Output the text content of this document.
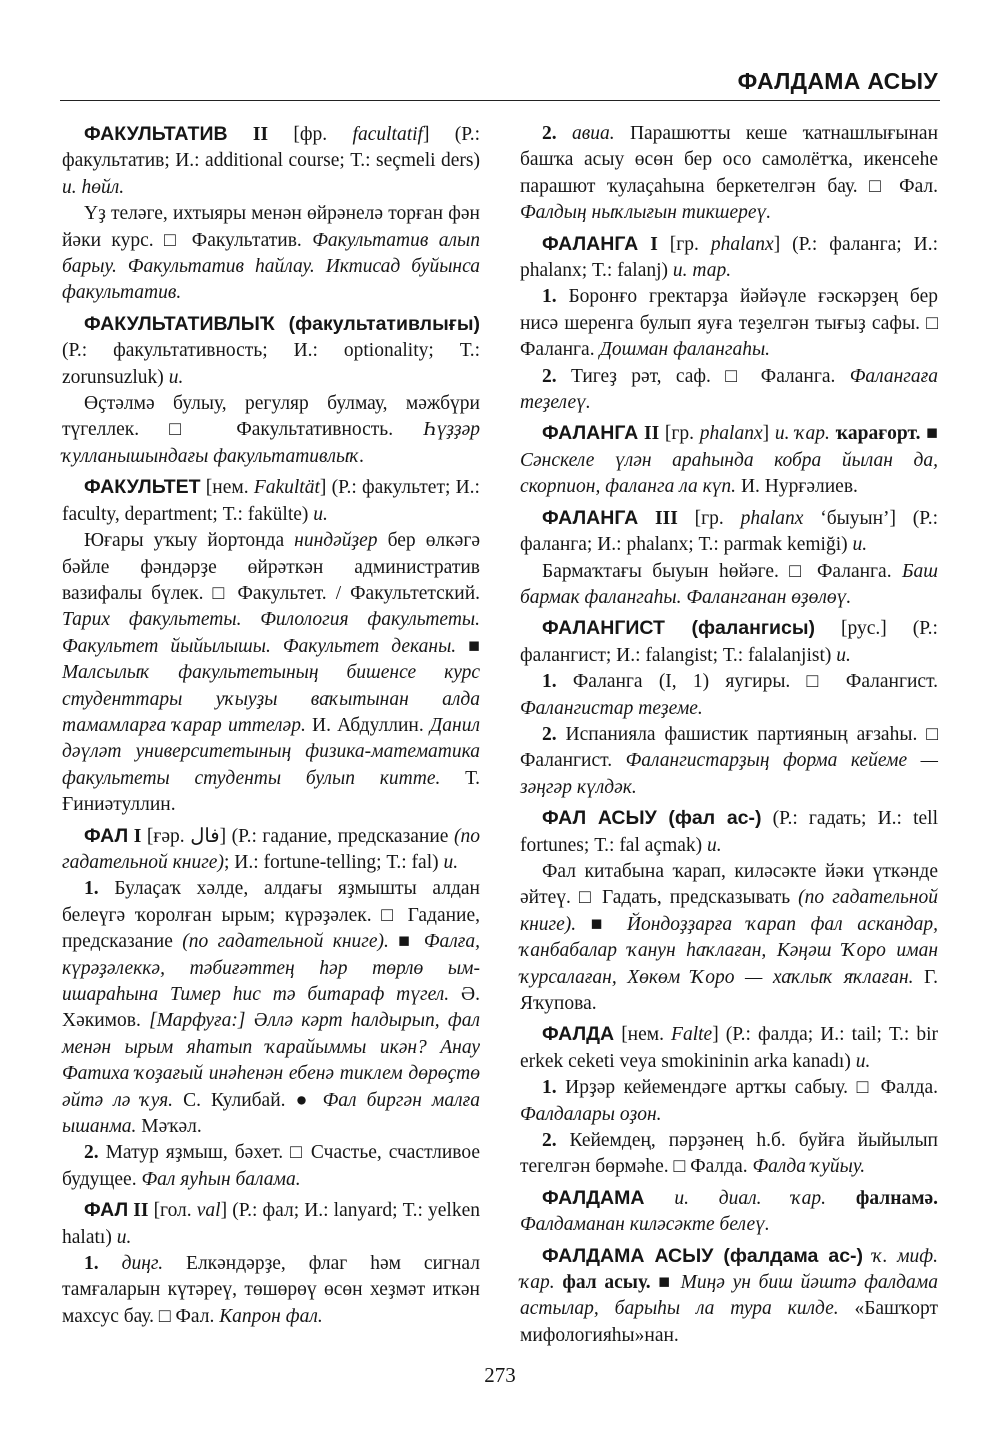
ФАЛДАМА АСЫУ

ФАКУЛЬТАТИВ II [фр. facultatif] (Р.: факультатив; И.: additional course; Т.: seçmeli ders) и. һөйл.

Үҙ теләге, ихтыяры менән өйрәнелә торған фән йәки курс. □ Факультатив. Факультатив алып барыу. Факультатив һайлау. Иктисад буйынса факультатив.

ФАКУЛЬТАТИВЛЫҠ (факультативлығы) (Р.: факультативность; И.: optionality; Т.: zorunsuzluk) и.

Өҫтәлмә булыу, регуляр булмау, мәжбүри түгеллек. □ Факультативность. Һүҙҙәр ҡулланышындағы факультативлыҡ.

ФАКУЛЬТЕТ [нем. Fakultät] (Р.: факультет; И.: faculty, department; Т.: fakülte) и.

Юғары уҡыу йортонда ниндәйҙер бер өлкәгә бәйле фәндәрҙе өйрәткән административ вазифалы бүлек. □ Факультет. / Факультетский. Тарих факультеты. Филология факультеты. Факультет йыйылышы. Факультет деканы. ■ Малсылыҡ факультетының бишенсе курс студенттары уҡыуҙы ваҡытынан алда тамамларға ҡарар иттеләр. И. Абдуллин. Данил дәүләт университетының физика-математика факультеты студенты булып китте. Т. Ғиниәтуллин.

ФАЛ I [ғәр. فال] (Р.: гадание, предсказание (по гадательной книге); И.: fortune-telling; Т.: fal) и.

1. Булаҫаҡ хәлде, алдағы яҙмышты алдан белеүгә ҡоролған ырым; күрәҙәлек. □ Гадание, предсказание (по гадательной книге). ■ Фалға, күрәҙәлеккә, тәбиғәттең һәр төрлө ым-ишараһына Тимер һис тә битараф түгел. Ә. Хәкимов. [Марфуға:] Әллә кәрт һалдырып, фал менән ырым яһатып ҡарайыммы икән? Анау Фатиха ҡоҙағый инәһенән ебенә тиклем дөрөҫтө әйтә лә ҡуя. С. Кулибай. ● Фал биргән малға ышанма. Мәҡәл.

2. Матур яҙмыш, бәхет. □ Счастье, счастливое будущее. Фал яуһын балама.

ФАЛ II [гол. val] (Р.: фал; И.: lanyard; Т.: yelken halatı) и.

1. диңг. Елкәндәрҙе, флаг һәм сигнал тамғаларын күтәреү, төшөрөү өсөн хеҙмәт иткән махсус бау. □ Фал. Капрон фал.

2. авиа. Парашютты кеше ҡатнашлығынан башҡа асыу өсөн бер осо самолётҡа, икенсеһе парашют ҡулаҫаһына беркетелгән бау. □ Фал. Фалдың ныҡлығын тикшереү.

ФАЛАНГА I [гр. phalanx] (Р.: фаланга; И.: phalanx; Т.: falanj) и. тар.

1. Боронғо гректарҙа йәйәүле ғәскәрҙең бер нисә шеренга булып яуға теҙелгән тығыҙ сафы. □ Фаланга. Дошман фалангаһы.

2. Тигеҙ рәт, саф. □ Фаланга. Фалангаға теҙелеү.

ФАЛАНГА II [гр. phalanx] и. ҡар. ҡарағорт. ■ Сәнскеле үлән араһында кобра йылан да, скорпион, фаланга ла күп. И. Нурғәлиев.

ФАЛАНГА III [гр. phalanx ‘быуын’] (Р.: фаланга; И.: phalanx; Т.: parmak kemiği) и.

Бармаҡтағы быуын һөйәге. □ Фаланга. Баш бармак фалангаһы. Фаланганан өҙөлөү.

ФАЛАНГИСТ (фалангисы) [рус.] (Р.: фалангист; И.: falangist; Т.: falalanjist) и.

1. Фаланга (I, 1) яугиры. □ Фалангист. Фалангистар теҙеме.

2. Испанияла фашистик партияның ағзаһы. □ Фалангист. Фалангистарҙың форма кейеме — зәңгәр күлдәк.

ФАЛ АСЫУ (фал ас-) (Р.: гадать; И.: tell fortunes; Т.: fal açmak) и.

Фал китабына ҡарап, киләсәкте йәки үткәнде әйтеү. □ Гадать, предсказывать (по гадательной книге). ■ Йондоҙҙарға ҡарап фал аскандар, ҡанбабалар ҡанун һаҡлаған, Кәңәш Ҡоро иман ҡурсалаған, Хөкөм Ҡоро — хаҡлыҡ яҡлаған. Г. Яҡупова.

ФАЛДА [нем. Falte] (Р.: фалда; И.: tail; Т.: bir erkek ceketi veya smokininin arka kanadı) и.

1. Ирҙәр кейемендәге артҡы сабыу. □ Фалда. Фалдалары оҙон.

2. Кейемдең, пәрҙәнең һ.б. буйға йыйылып тегелгән бөрмәһе. □ Фалда. Фалда ҡуйыу.

ФАЛДАМА и. диал. ҡар. фалнамә. Фалдаманан киләсәкте белеү.

ФАЛДАМА АСЫУ (фалдама ас-) ҡ. миф. ҡар. фал асыу. ■ Миңә ун биш йәштә фалдама астылар, барыһы ла тура килде. «Башҡорт мифологияһы»нан.

273
